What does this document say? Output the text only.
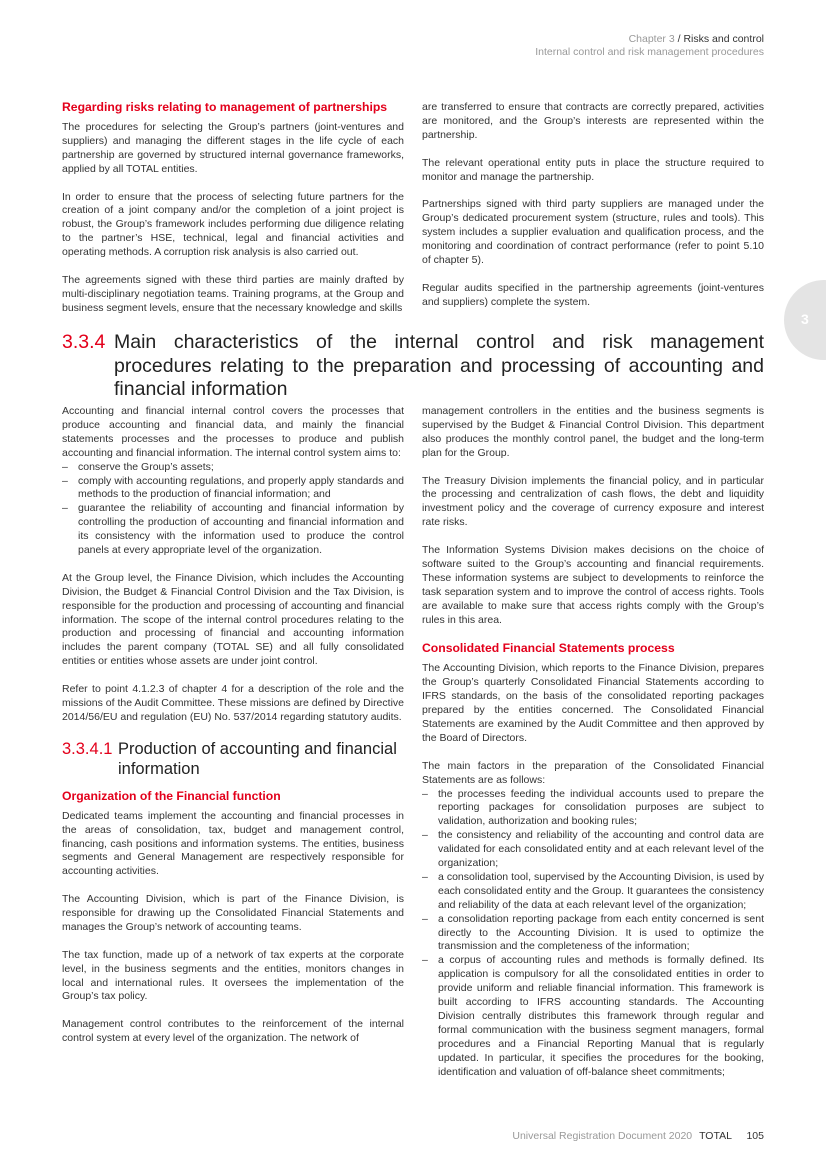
Chapter 3 / Risks and control
Internal control and risk management procedures
3
Regarding risks relating to management of partnerships

The procedures for selecting the Group’s partners (joint-ventures and suppliers) and managing the different stages in the life cycle of each partnership are governed by structured internal governance frameworks, applied by all TOTAL entities.

In order to ensure that the process of selecting future partners for the creation of a joint company and/or the completion of a joint project is robust, the Group’s framework includes performing due diligence relating to the partner’s HSE, technical, legal and financial activities and operating methods. A corruption risk analysis is also carried out.

The agreements signed with these third parties are mainly drafted by multi-disciplinary negotiation teams. Training programs, at the Group and business segment levels, ensure that the necessary knowledge and skills

are transferred to ensure that contracts are correctly prepared, activities are monitored, and the Group’s interests are represented within the partnership.

The relevant operational entity puts in place the structure required to monitor and manage the partnership.

Partnerships signed with third party suppliers are managed under the Group’s dedicated procurement system (structure, rules and tools). This system includes a supplier evaluation and qualification process, and the monitoring and coordination of contract performance (refer to point 5.10 of chapter 5).

Regular audits specified in the partnership agreements (joint-ventures and suppliers) complete the system.

3.3.4 Main characteristics of the internal control and risk management procedures relating to the preparation and processing of accounting and financial information

Accounting and financial internal control covers the processes that produce accounting and financial data, and mainly the financial statements processes and the processes to produce and publish accounting and financial information. The internal control system aims to:

– conserve the Group’s assets;
– comply with accounting regulations, and properly apply standards and methods to the production of financial information; and
– guarantee the reliability of accounting and financial information by controlling the production of accounting and financial information and its consistency with the information used to produce the control panels at every appropriate level of the organization.

At the Group level, the Finance Division, which includes the Accounting Division, the Budget & Financial Control Division and the Tax Division, is responsible for the production and processing of accounting and financial information. The scope of the internal control procedures relating to the production and processing of financial and accounting information includes the parent company (TOTAL SE) and all fully consolidated entities or entities whose assets are under joint control.

Refer to point 4.1.2.3 of chapter 4 for a description of the role and the missions of the Audit Committee. These missions are defined by Directive 2014/56/EU and regulation (EU) No. 537/2014 regarding statutory audits.

3.3.4.1 Production of accounting and financial information
Organization of the Financial function

Dedicated teams implement the accounting and financial processes in the areas of consolidation, tax, budget and management control, financing, cash positions and information systems. The entities, business segments and General Management are respectively responsible for accounting activities.

The Accounting Division, which is part of the Finance Division, is responsible for drawing up the Consolidated Financial Statements and manages the Group’s network of accounting teams.

The tax function, made up of a network of tax experts at the corporate level, in the business segments and the entities, monitors changes in local and international rules. It oversees the implementation of the Group’s tax policy.

Management control contributes to the reinforcement of the internal control system at every level of the organization. The network of

management controllers in the entities and the business segments is supervised by the Budget & Financial Control Division. This department also produces the monthly control panel, the budget and the long-term plan for the Group.

The Treasury Division implements the financial policy, and in particular the processing and centralization of cash flows, the debt and liquidity investment policy and the coverage of currency exposure and interest rate risks.

The Information Systems Division makes decisions on the choice of software suited to the Group’s accounting and financial requirements. These information systems are subject to developments to reinforce the task separation system and to improve the control of access rights. Tools are available to make sure that access rights comply with the Group’s rules in this area.

Consolidated Financial Statements process

The Accounting Division, which reports to the Finance Division, prepares the Group’s quarterly Consolidated Financial Statements according to IFRS standards, on the basis of the consolidated reporting packages prepared by the entities concerned. The Consolidated Financial Statements are examined by the Audit Committee and then approved by the Board of Directors.

The main factors in the preparation of the Consolidated Financial Statements are as follows:

– the processes feeding the individual accounts used to prepare the reporting packages for consolidation purposes are subject to validation, authorization and booking rules;
– the consistency and reliability of the accounting and control data are validated for each consolidated entity and at each relevant level of the organization;
– a consolidation tool, supervised by the Accounting Division, is used by each consolidated entity and the Group. It guarantees the consistency and reliability of the data at each relevant level of the organization;
– a consolidation reporting package from each entity concerned is sent directly to the Accounting Division. It is used to optimize the transmission and the completeness of the information;
– a corpus of accounting rules and methods is formally defined. Its application is compulsory for all the consolidated entities in order to provide uniform and reliable financial information. This framework is built according to IFRS accounting standards. The Accounting Division centrally distributes this framework through regular and formal communication with the business segment managers, formal procedures and a Financial Reporting Manual that is regularly updated. In particular, it specifies the procedures for the booking, identification and valuation of off-balance sheet commitments;
Universal Registration Document 2020 TOTAL 105
